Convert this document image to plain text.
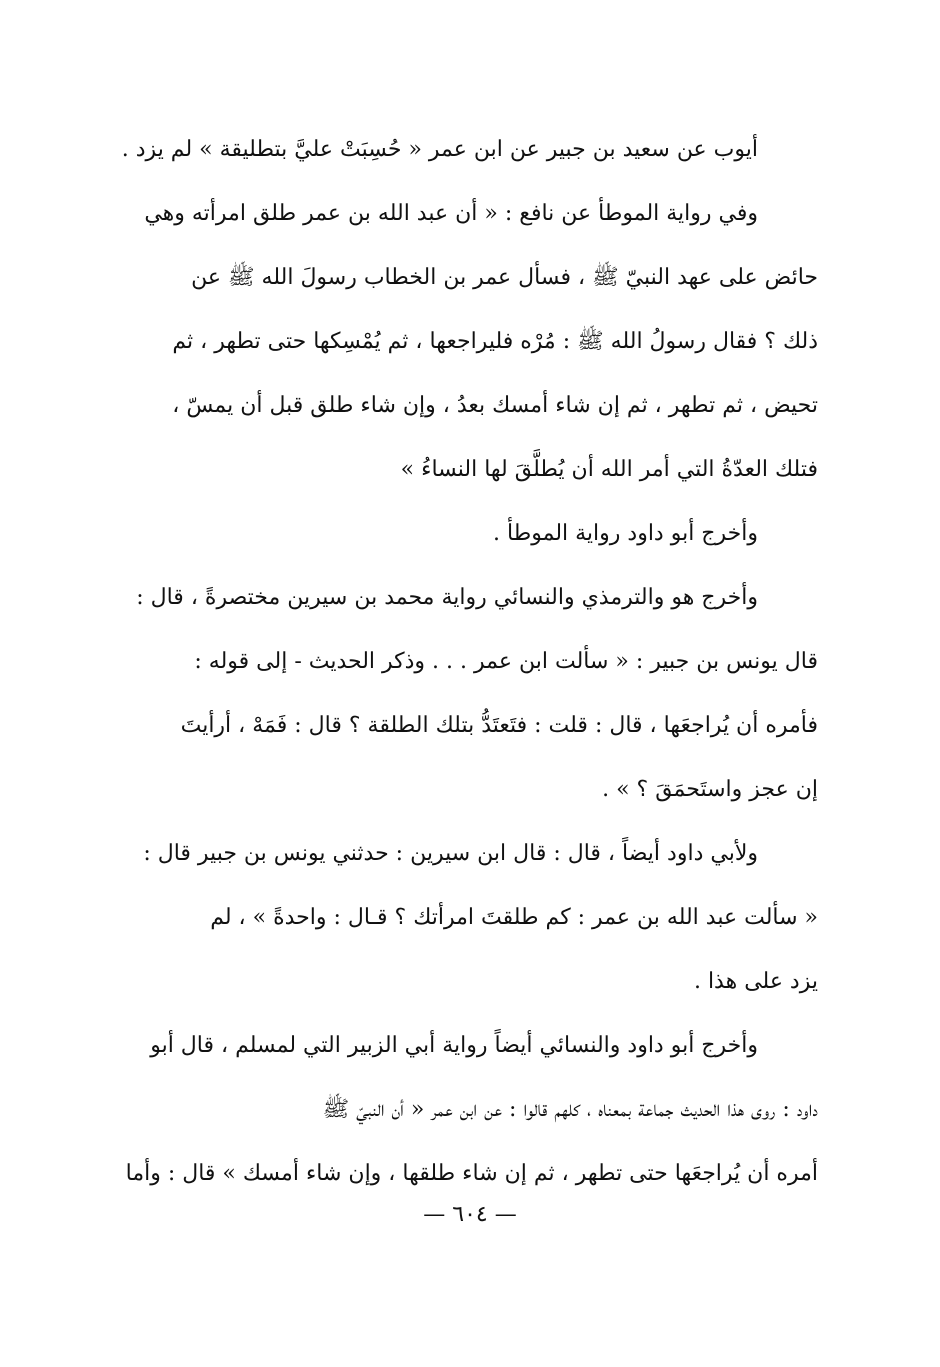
أيوب عن سعيد بن جبير عن ابن عمر « حُسِبَتْ عليَّ بتطليقة » لم يزد .
وفي رواية الموطأ عن نافع : « أن عبد الله بن عمر طلق امرأته وهي
حائض على عهد النبيّ ﷺ ، فسأل عمر بن الخطاب رسولَ الله ﷺ عن
ذلك ؟ فقال رسولُ الله ﷺ : مُرْه فليراجعها ، ثم يُمْسِكها حتى تطهر ، ثم
تحيض ، ثم تطهر ، ثم إن شاء أمسك بعدُ ، وإن شاء طلق قبل أن يمسّ ،
فتلك العدّةُ التي أمر الله أن يُطلَّقَ لها النساءُ »
وأخرج أبو داود رواية الموطأ .
وأخرج هو والترمذي والنسائي رواية محمد بن سيرين مختصرةً ، قال :
قال يونس بن جبير : « سألت ابن عمر . . . وذكر الحديث - إلى قوله :
فأمره أن يُراجعَها ، قال : قلت : فتَعتَدُّ بتلك الطلقة ؟ قال : فَمَهْ ، أرأيتَ
إن عجز واستَحمَقَ ؟ » .
ولأبي داود أيضاً ، قال : قال ابن سيرين : حدثني يونس بن جبير قال :
« سألت عبد الله بن عمر : كم طلقتَ امرأتك ؟ قـال : واحدةً » ، لم
يزد على هذا .
وأخرج أبو داود والنسائي أيضاً رواية أبي الزبير التي لمسلم ، قال أبو
داود : روى هذا الحديث جماعة بمعناه ، كلهم قالوا : عن ابن عمر « أن النبيّ ﷺ
أمره أن يُراجعَها حتى تطهر ، ثم إن شاء طلقها ، وإن شاء أمسك » قال : وأما
— ٦٠٤ —
